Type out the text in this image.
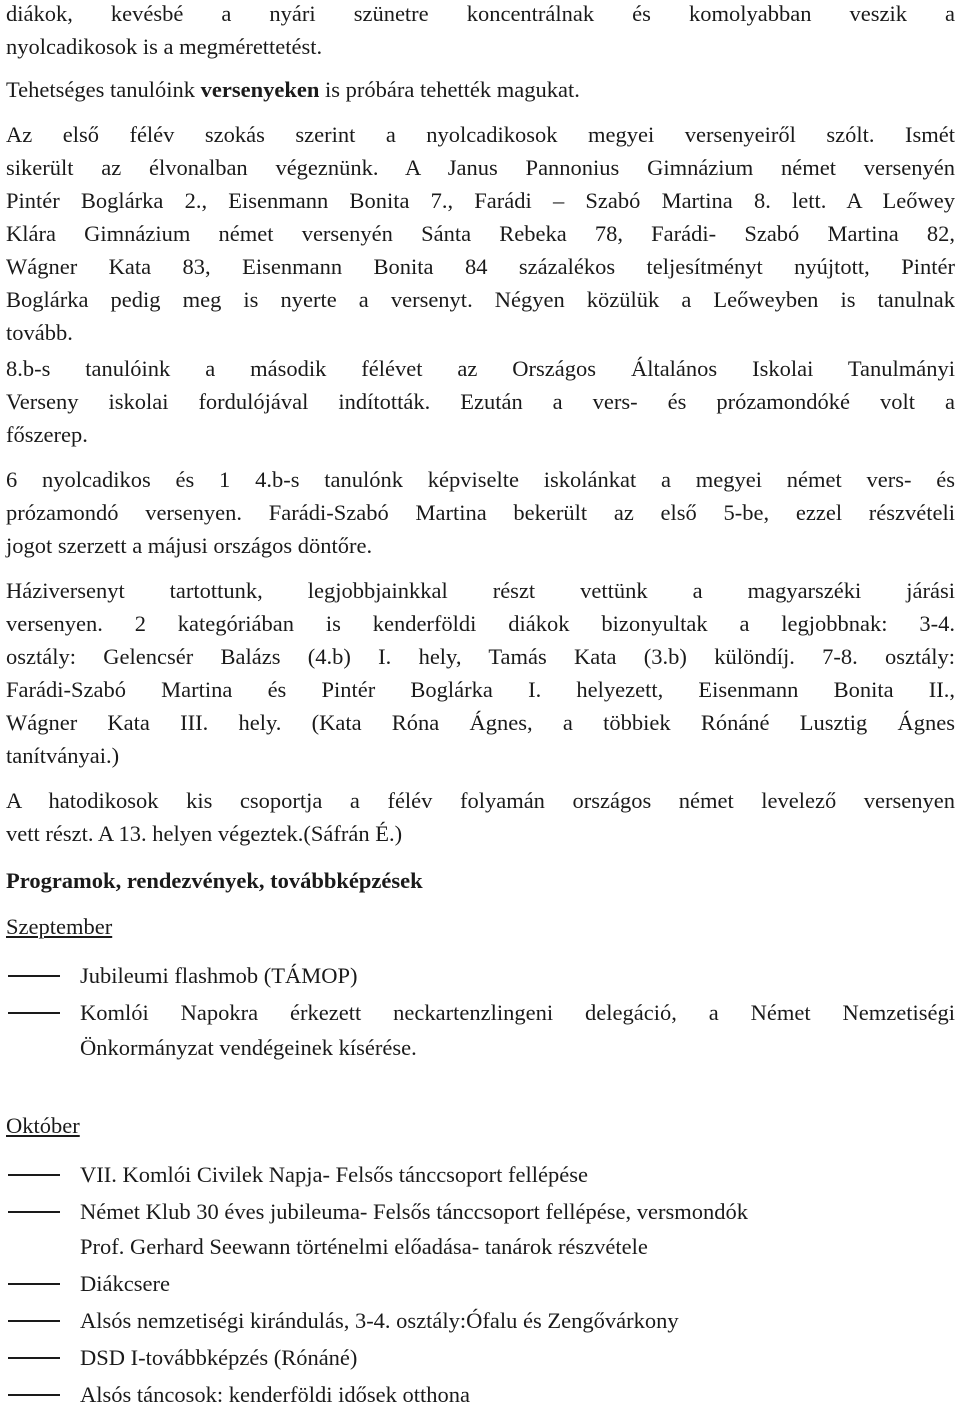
diákok, kevésbé a nyári szünetre koncentrálnak és komolyabban veszik a
nyolcadikosok is a megmérettetést.
Tehetséges tanulóink versenyeken is próbára tehették magukat.
Az első félév szokás szerint a nyolcadikosok megyei versenyeiről szólt. Ismét
sikerült az élvonalban végeznünk. A Janus Pannonius Gimnázium német versenyén
Pintér Boglárka 2., Eisenmann Bonita 7., Farádi – Szabó Martina 8. lett. A Leőwey
Klára Gimnázium német versenyén Sánta Rebeka 78, Farádi- Szabó Martina 82,
Wágner Kata 83, Eisenmann Bonita 84 százalékos teljesítményt nyújtott, Pintér
Boglárka pedig meg is nyerte a versenyt. Négyen közülük a Leőweyben is tanulnak
tovább.
8.b-s tanulóink a második félévet az Országos Általános Iskolai Tanulmányi
Verseny iskolai fordulójával indították. Ezután a vers- és prózamondóké volt a
főszerep.
6 nyolcadikos és 1 4.b-s tanulónk képviselte iskolánkat a megyei német vers- és
prózamondó versenyen. Farádi-Szabó Martina bekerült az első 5-be, ezzel részvételi
jogot szerzett a májusi országos döntőre.
Háziversenyt tartottunk, legjobbjainkkal részt vettünk a magyarszéki járási
versenyen. 2 kategóriában is kenderföldi diákok bizonyultak a legjobbnak: 3-4.
osztály: Gelencsér Balázs (4.b) I. hely, Tamás Kata (3.b) különdíj. 7-8. osztály:
Farádi-Szabó Martina és Pintér Boglárka I. helyezett, Eisenmann Bonita II.,
Wágner Kata III. hely. (Kata Róna Ágnes, a többiek Rónáné Lusztig Ágnes
tanítványai.)
A hatodikosok kis csoportja a félév folyamán országos német levelező versenyen
vett részt. A 13. helyen végeztek.(Sáfrán É.)
Programok, rendezvények, továbbképzések
Szeptember
Jubileumi flashmob (TÁMOP)
Komlói Napokra érkezett neckartenzlingeni delegáció, a Német Nemzetiségi
Önkormányzat vendégeinek kísérése.
Október
VII. Komlói Civilek Napja- Felsős tánccsoport fellépése
Német Klub 30 éves jubileuma- Felsős tánccsoport fellépése, versmondók
Prof. Gerhard Seewann történelmi előadása- tanárok részvétele
Diákcsere
Alsós nemzetiségi kirándulás, 3-4. osztály:Ófalu és Zengővárkony
DSD I-továbbképzés (Rónáné)
Alsós táncosok: kenderföldi idősek otthona
